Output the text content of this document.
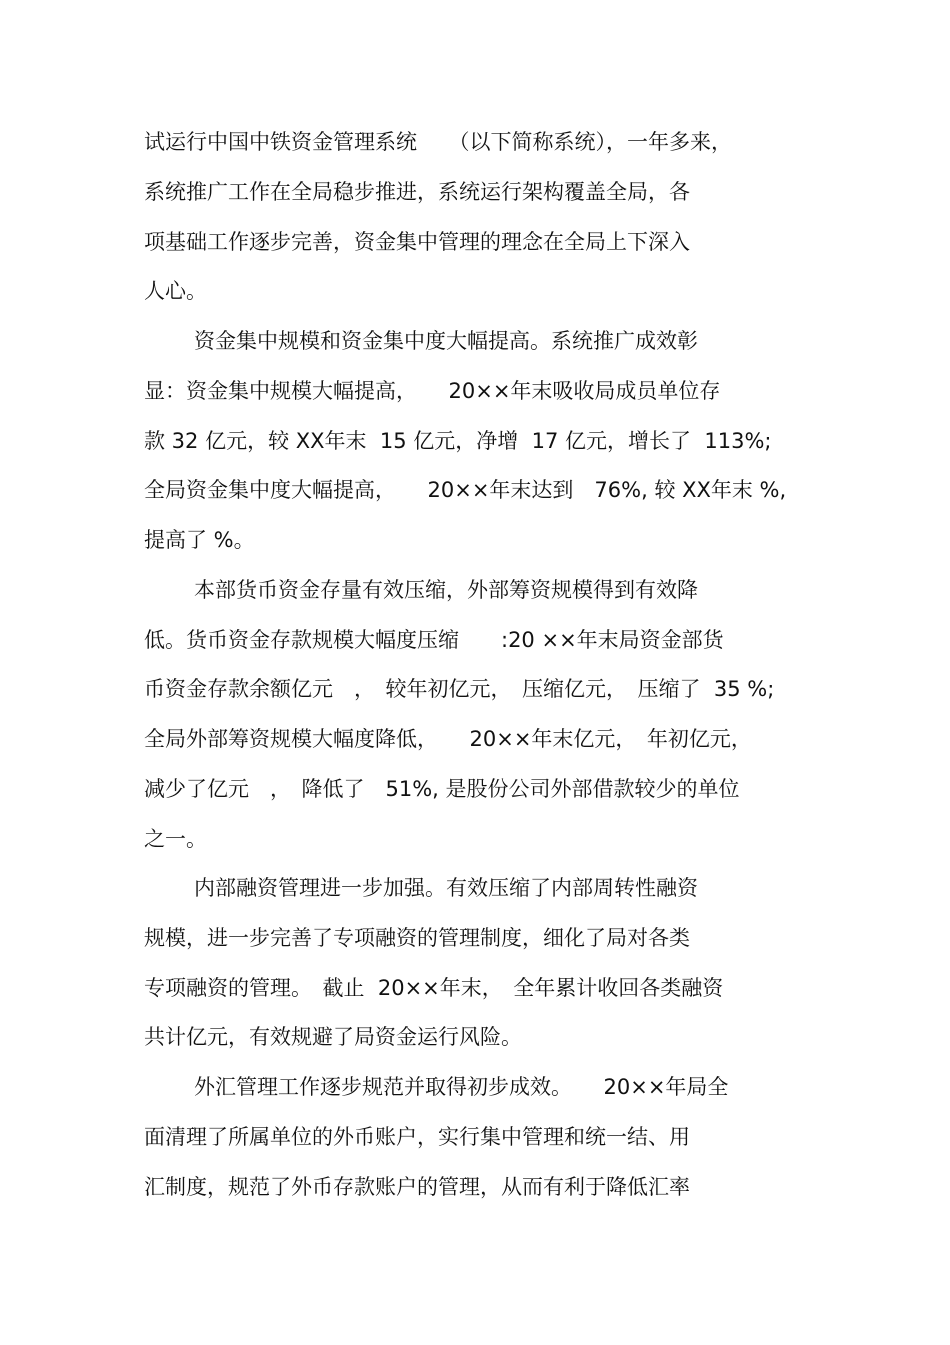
试运行中国中铁资金管理系统　　（以下简称系统），一年多来，
系统推广工作在全局稳步推进，系统运行架构覆盖全局，各
项基础工作逐步完善，资金集中管理的理念在全局上下深入
人心。
资金集中规模和资金集中度大幅提高。系统推广成效彰
显：资金集中规模大幅提高，　　20××年末吸收局成员单位存
款 32 亿元，较 XX年末  15 亿元，净增  17 亿元，增长了  113%;
全局资金集中度大幅提高，　　20××年末达到　76%, 较 XX年末 %,
提高了 %。
本部货币资金存量有效压缩，外部筹资规模得到有效降
低。货币资金存款规模大幅度压缩　　:20 ××年末局资金部货
币资金存款余额亿元　，　较年初亿元，　压缩亿元，　压缩了  35 %;
全局外部筹资规模大幅度降低，　　20××年末亿元，　年初亿元，
减少了亿元　，　降低了　51%, 是股份公司外部借款较少的单位
之一。
内部融资管理进一步加强。有效压缩了内部周转性融资
规模，进一步完善了专项融资的管理制度，细化了局对各类
专项融资的管理。　截止  20××年末，　全年累计收回各类融资
共计亿元，有效规避了局资金运行风险。
外汇管理工作逐步规范并取得初步成效。　　20××年局全
面清理了所属单位的外币账户，实行集中管理和统一结、用
汇制度，规范了外币存款账户的管理，从而有利于降低汇率
